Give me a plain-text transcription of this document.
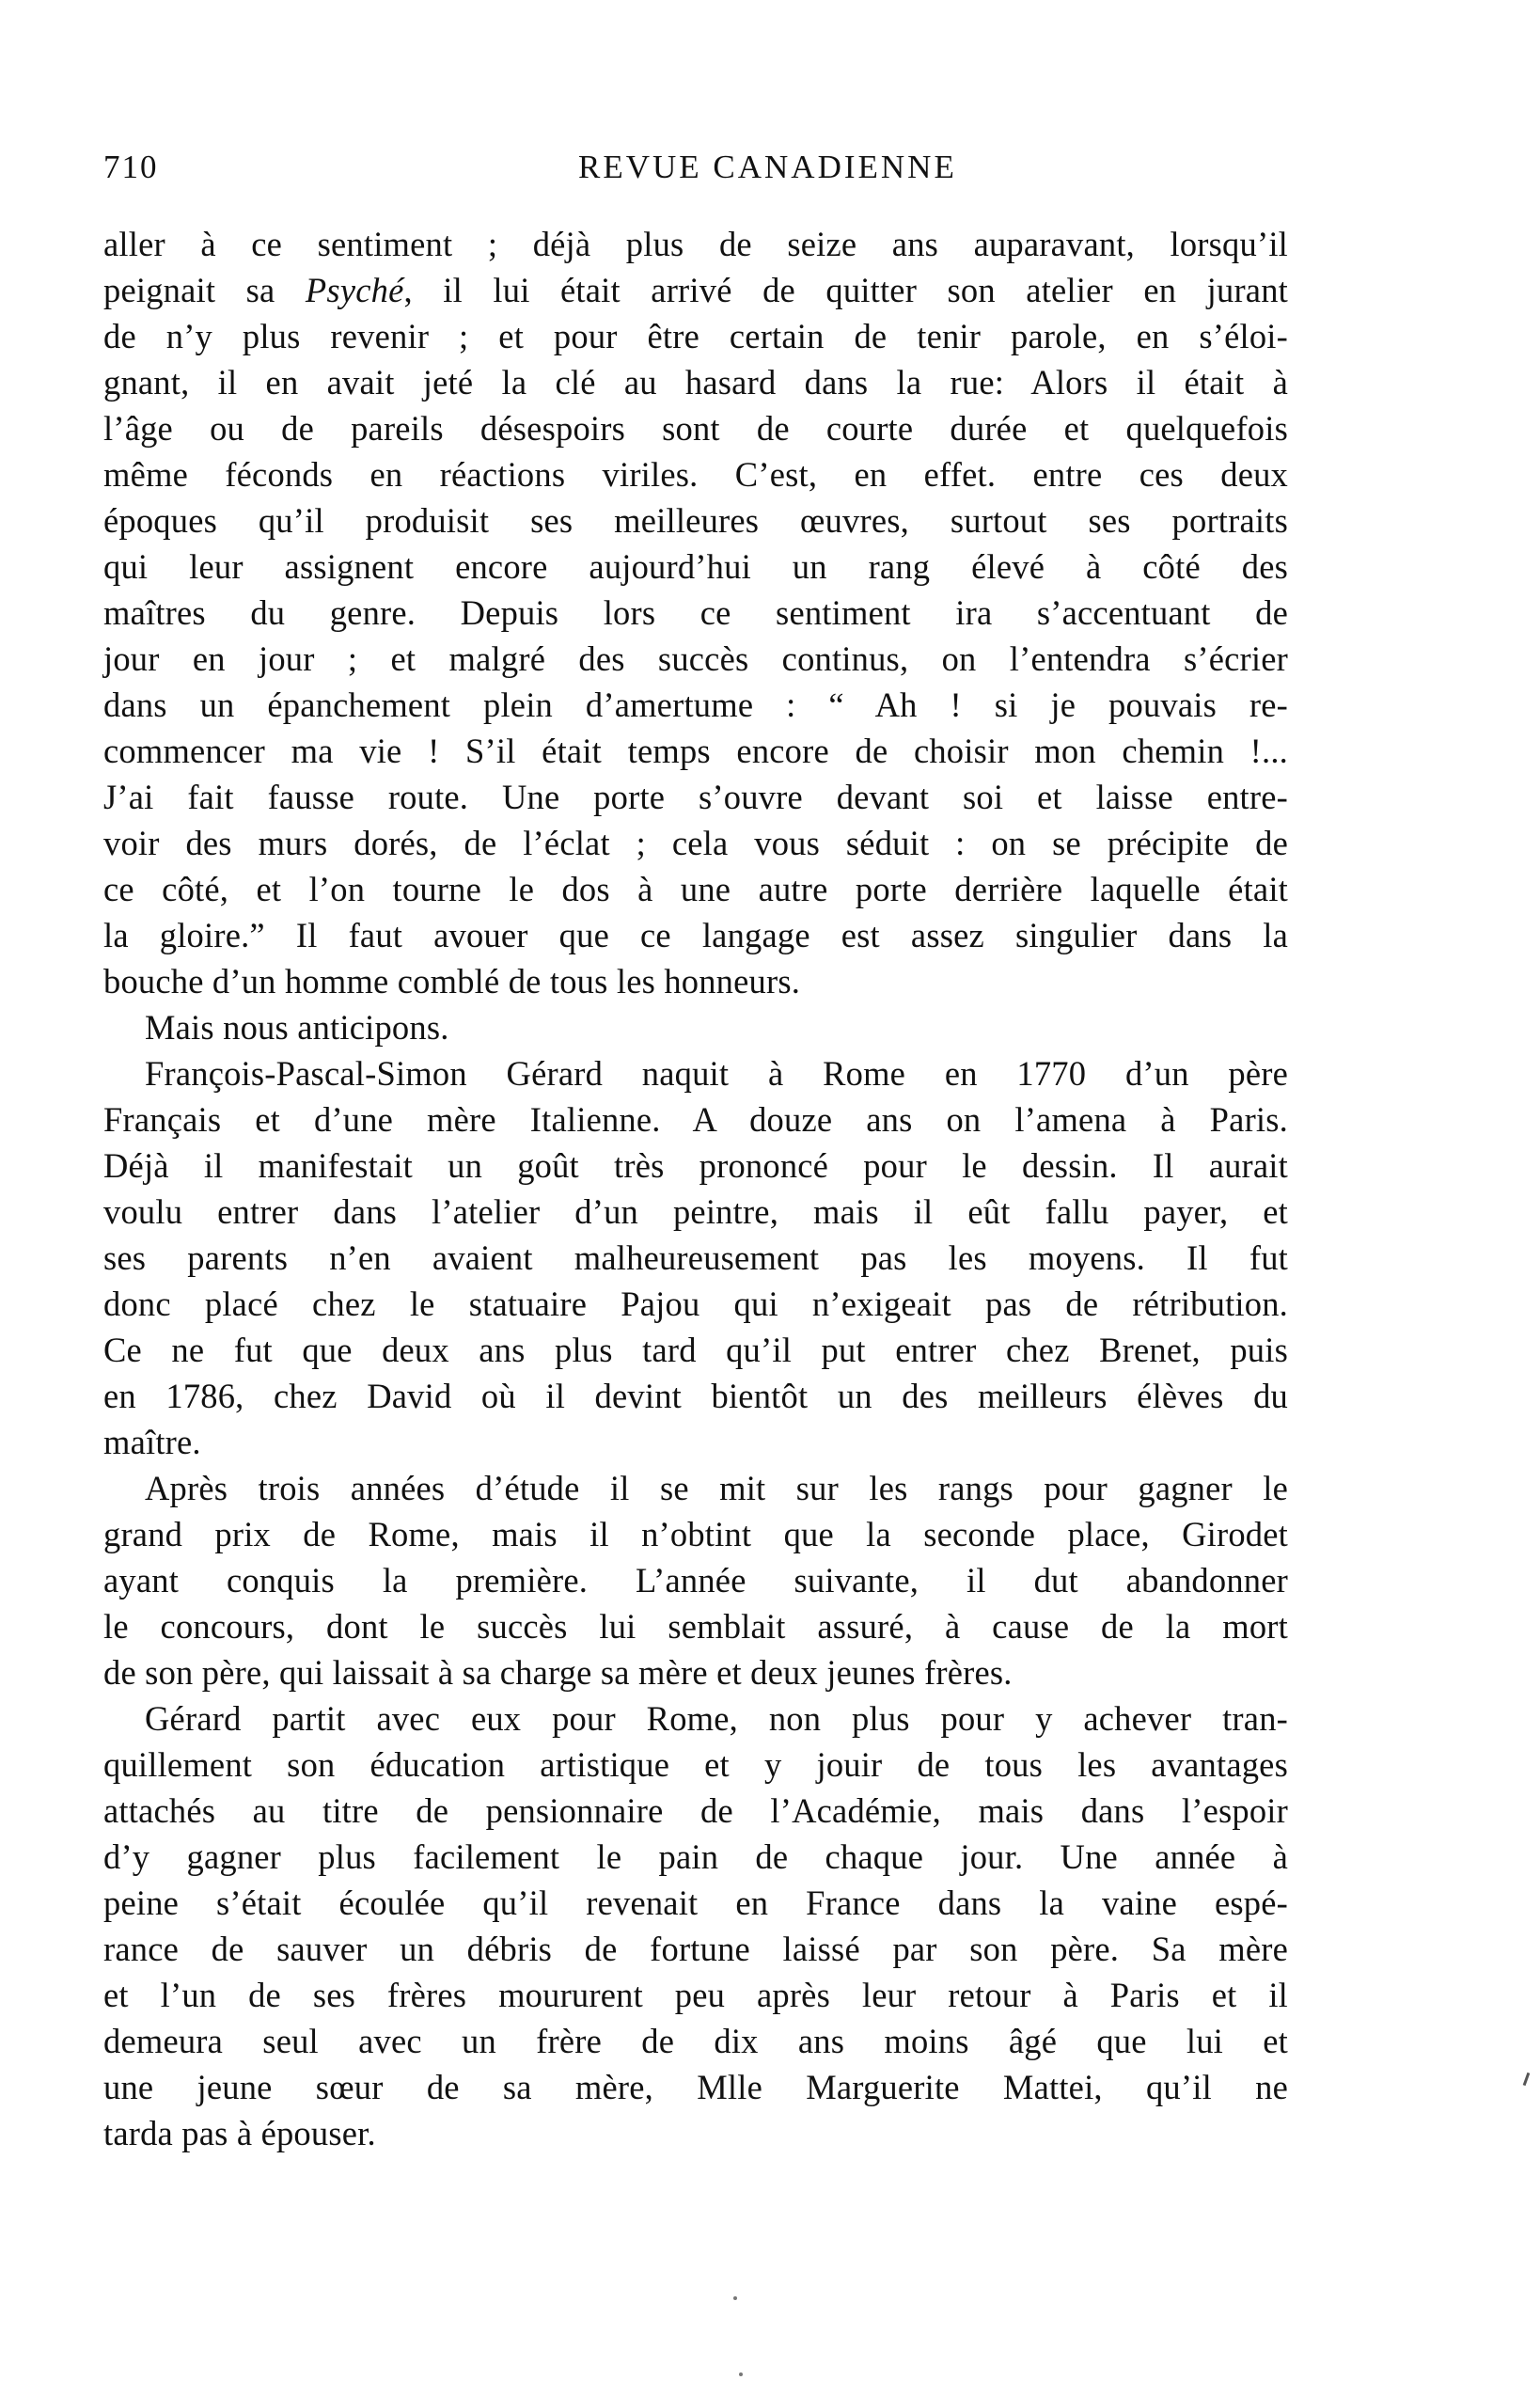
710	REVUE CANADIENNE

aller à ce sentiment ; déjà plus de seize ans auparavant, lorsqu’il
peignait sa Psyché, il lui était arrivé de quitter son atelier en jurant
de n’y plus revenir ; et pour être certain de tenir parole, en s’éloi-
gnant, il en avait jeté la clé au hasard dans la rue: Alors il était à
l’âge ou de pareils désespoirs sont de courte durée et quelquefois
même féconds en réactions viriles. C’est, en effet. entre ces deux
époques qu’il produisit ses meilleures œuvres, surtout ses portraits
qui leur assignent encore aujourd’hui un rang élevé à côté des
maîtres du genre. Depuis lors ce sentiment ira s’accentuant de
jour en jour ; et malgré des succès continus, on l’entendra s’écrier
dans un épanchement plein d’amertume : “ Ah ! si je pouvais re-
commencer ma vie ! S’il était temps encore de choisir mon chemin !...
J’ai fait fausse route. Une porte s’ouvre devant soi et laisse entre-
voir des murs dorés, de l’éclat ; cela vous séduit : on se précipite de
ce côté, et l’on tourne le dos à une autre porte derrière laquelle était
la gloire.” Il faut avouer que ce langage est assez singulier dans la
bouche d’un homme comblé de tous les honneurs.

Mais nous anticipons.

François-Pascal-Simon Gérard naquit à Rome en 1770 d’un père
Français et d’une mère Italienne. A douze ans on l’amena à Paris.
Déjà il manifestait un goût très prononcé pour le dessin. Il aurait
voulu entrer dans l’atelier d’un peintre, mais il eût fallu payer, et
ses parents n’en avaient malheureusement pas les moyens. Il fut
donc placé chez le statuaire Pajou qui n’exigeait pas de rétribution.
Ce ne fut que deux ans plus tard qu’il put entrer chez Brenet, puis
en 1786, chez David où il devint bientôt un des meilleurs élèves du
maître.

Après trois années d’étude il se mit sur les rangs pour gagner le
grand prix de Rome, mais il n’obtint que la seconde place, Girodet
ayant conquis la première. L’année suivante, il dut abandonner
le concours, dont le succès lui semblait assuré, à cause de la mort
de son père, qui laissait à sa charge sa mère et deux jeunes frères.

Gérard partit avec eux pour Rome, non plus pour y achever tran-
quillement son éducation artistique et y jouir de tous les avantages
attachés au titre de pensionnaire de l’Académie, mais dans l’espoir
d’y gagner plus facilement le pain de chaque jour. Une année à
peine s’était écoulée qu’il revenait en France dans la vaine espé-
rance de sauver un débris de fortune laissé par son père. Sa mère
et l’un de ses frères moururent peu après leur retour à Paris et il
demeura seul avec un frère de dix ans moins âgé que lui et
une jeune sœur de sa mère, Mlle Marguerite Mattei, qu’il ne
tarda pas à épouser.
